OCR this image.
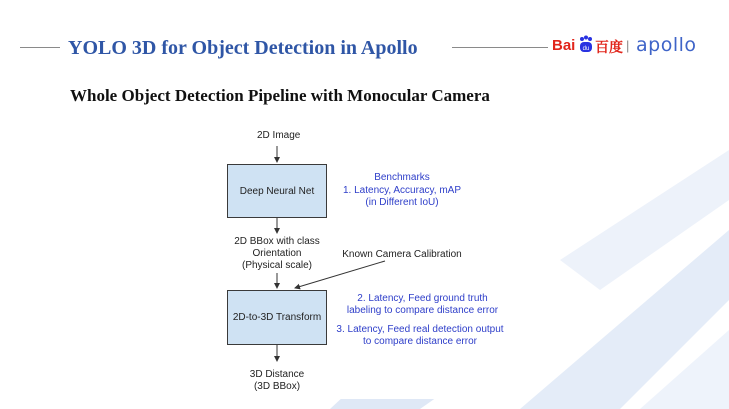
YOLO 3D for Object Detection in Apollo	Bai du 百度 | apollo
Whole Object Detection Pipeline with Monocular Camera
2D Image
Deep Neural Net
Benchmarks
1. Latency, Accuracy, mAP
(in Different IoU)
2D BBox with class
Orientation
(Physical scale)
Known Camera Calibration
2D-to-3D Transform
2. Latency, Feed ground truth
labeling to compare distance error
3. Latency, Feed real detection output
to compare distance error
3D Distance
(3D BBox)
